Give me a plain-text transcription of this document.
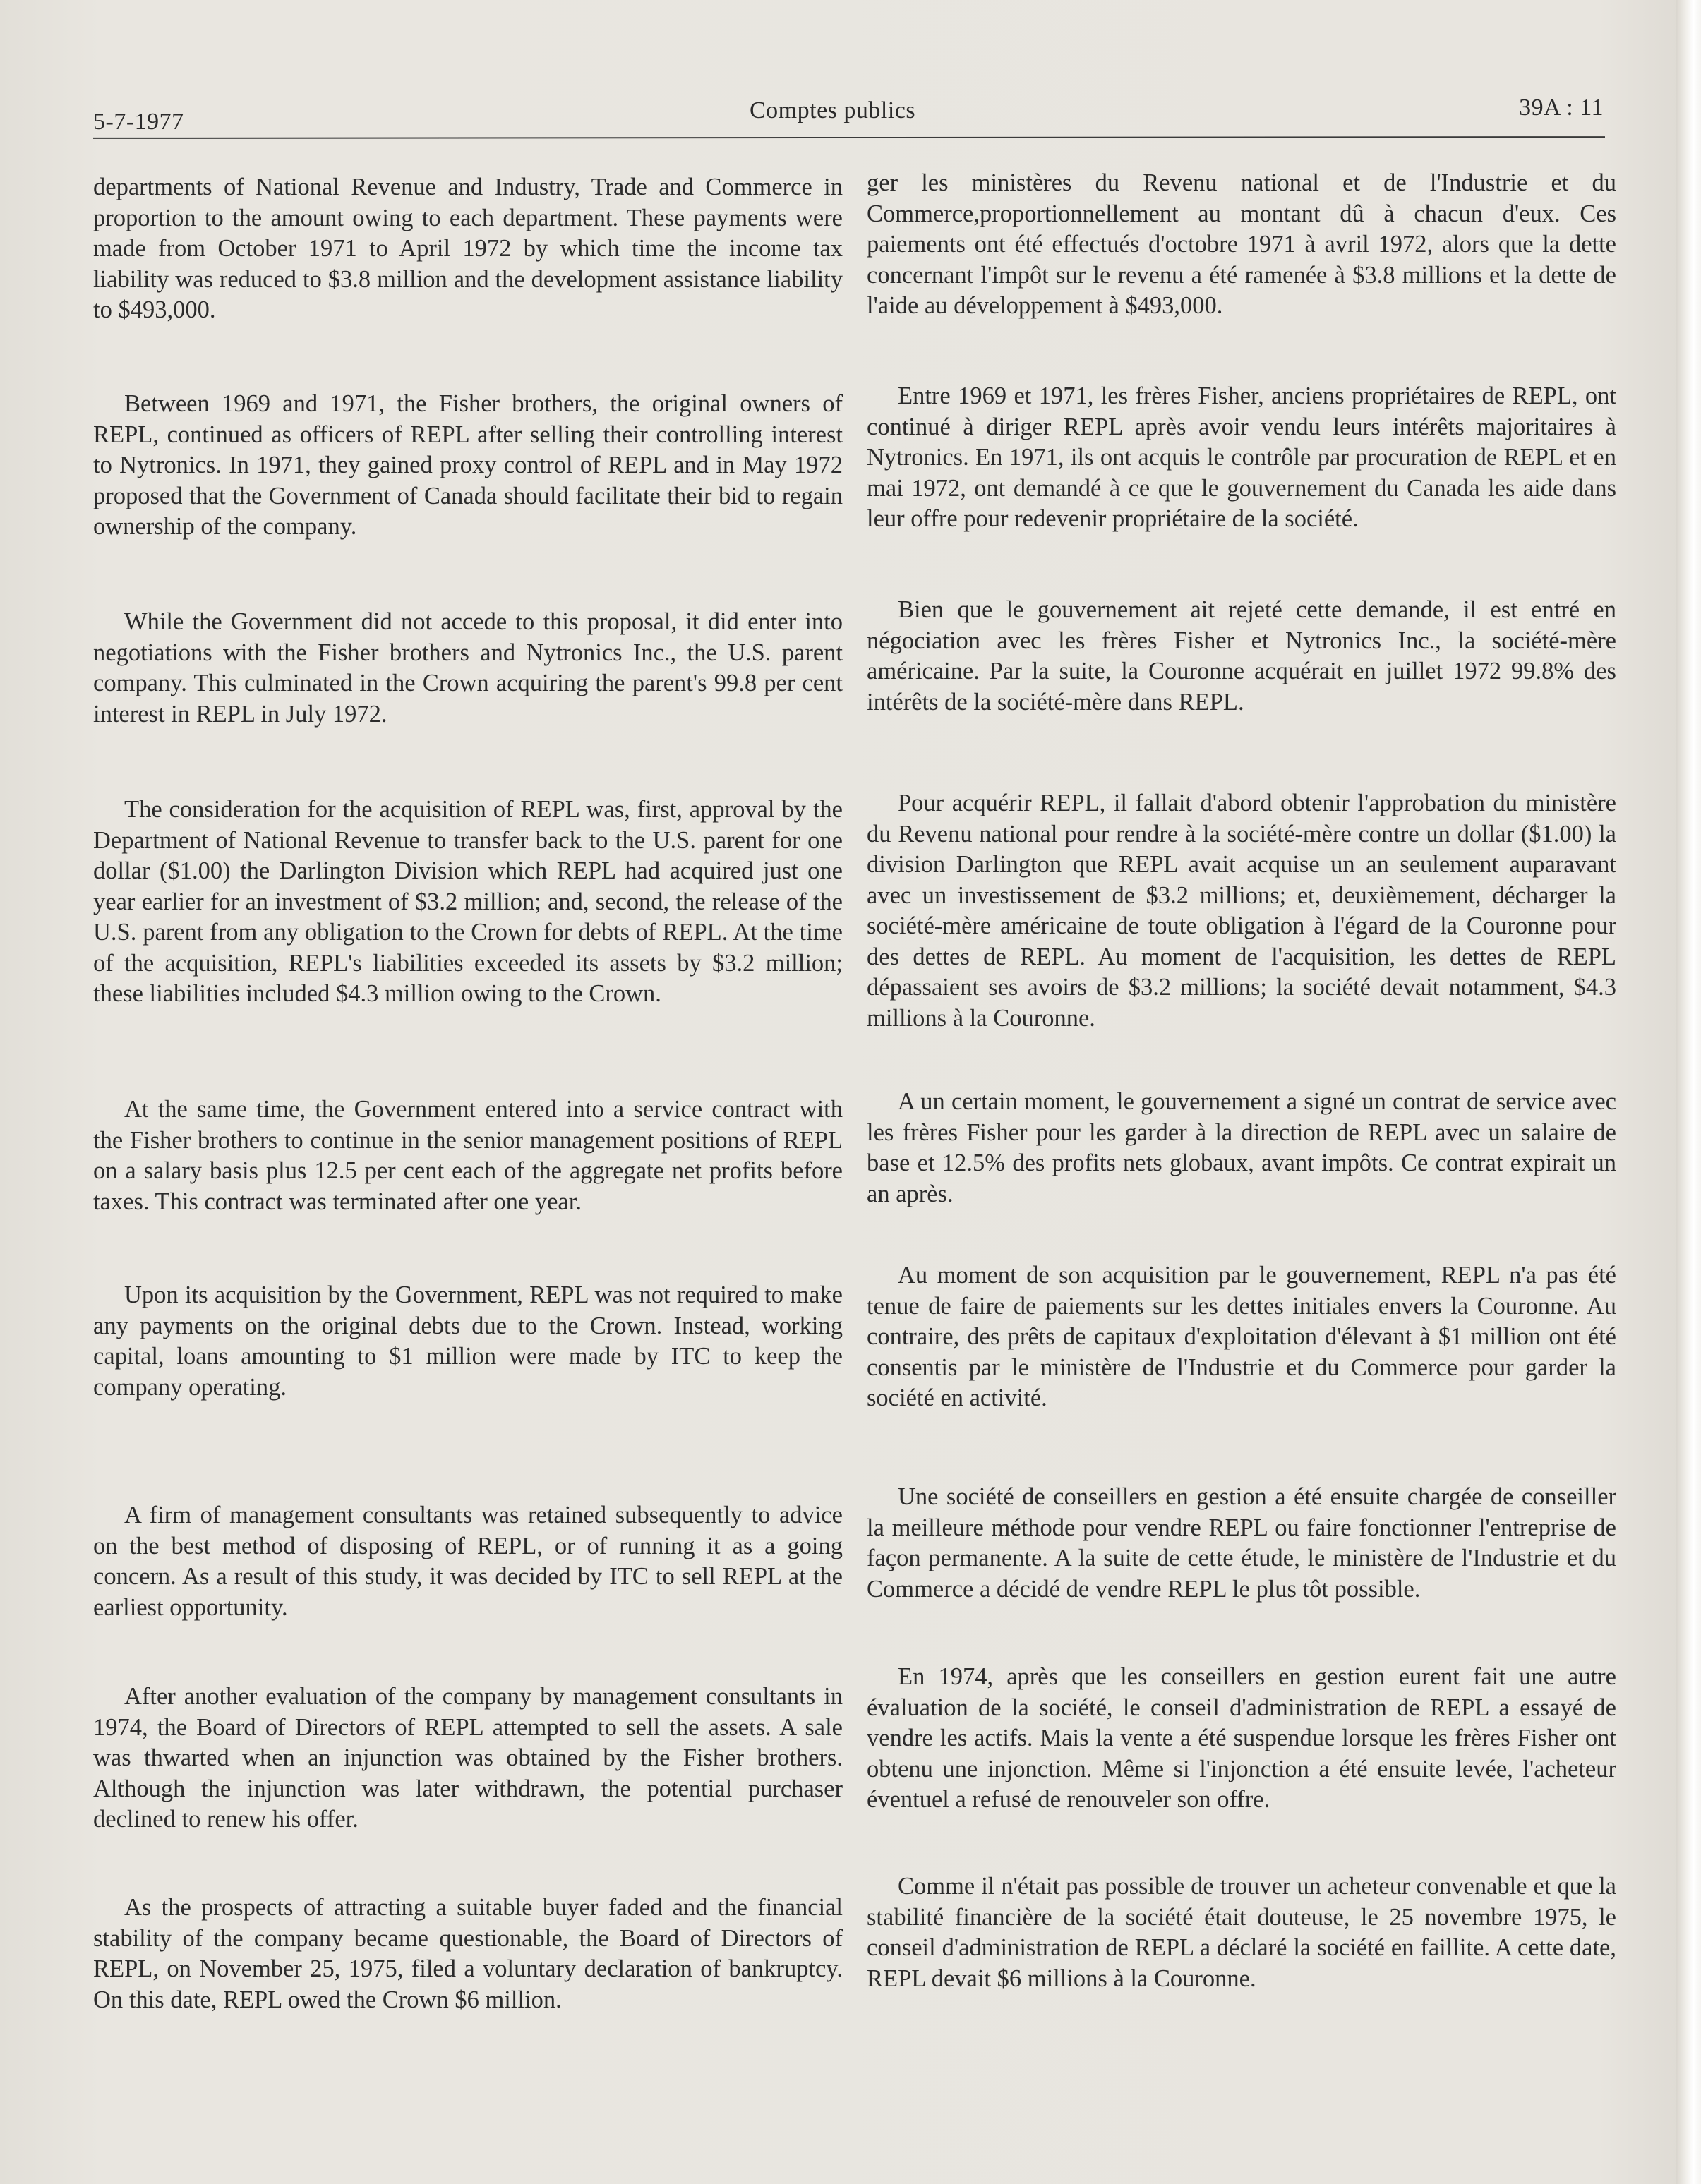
5-7-1977	Comptes publics	39A : 11

departments of National Revenue and Industry, Trade and Commerce in proportion to the amount owing to each department. These payments were made from October 1971 to April 1972 by which time the income tax liability was reduced to $3.8 million and the development assistance liability to $493,000.

Between 1969 and 1971, the Fisher brothers, the original owners of REPL, continued as officers of REPL after selling their controlling interest to Nytronics. In 1971, they gained proxy control of REPL and in May 1972 proposed that the Government of Canada should facilitate their bid to regain ownership of the company.

While the Government did not accede to this proposal, it did enter into negotiations with the Fisher brothers and Nytronics Inc., the U.S. parent company. This culminated in the Crown acquiring the parent's 99.8 per cent interest in REPL in July 1972.

The consideration for the acquisition of REPL was, first, approval by the Department of National Revenue to transfer back to the U.S. parent for one dollar ($1.00) the Darlington Division which REPL had acquired just one year earlier for an investment of $3.2 million; and, second, the release of the U.S. parent from any obligation to the Crown for debts of REPL. At the time of the acquisition, REPL's liabilities exceeded its assets by $3.2 million; these liabilities included $4.3 million owing to the Crown.

At the same time, the Government entered into a service contract with the Fisher brothers to continue in the senior management positions of REPL on a salary basis plus 12.5 per cent each of the aggregate net profits before taxes. This contract was terminated after one year.

Upon its acquisition by the Government, REPL was not required to make any payments on the original debts due to the Crown. Instead, working capital, loans amounting to $1 million were made by ITC to keep the company operating.

A firm of management consultants was retained subsequently to advice on the best method of disposing of REPL, or of running it as a going concern. As a result of this study, it was decided by ITC to sell REPL at the earliest opportunity.

After another evaluation of the company by management consultants in 1974, the Board of Directors of REPL attempted to sell the assets. A sale was thwarted when an injunction was obtained by the Fisher brothers. Although the injunction was later withdrawn, the potential purchaser declined to renew his offer.

As the prospects of attracting a suitable buyer faded and the financial stability of the company became questionable, the Board of Directors of REPL, on November 25, 1975, filed a voluntary declaration of bankruptcy. On this date, REPL owed the Crown $6 million.

ger les ministères du Revenu national et de l'Industrie et du Commerce,proportionnellement au montant dû à chacun d'eux. Ces paiements ont été effectués d'octobre 1971 à avril 1972, alors que la dette concernant l'impôt sur le revenu a été ramenée à $3.8 millions et la dette de l'aide au développement à $493,000.

Entre 1969 et 1971, les frères Fisher, anciens propriétaires de REPL, ont continué à diriger REPL après avoir vendu leurs intérêts majoritaires à Nytronics. En 1971, ils ont acquis le contrôle par procuration de REPL et en mai 1972, ont demandé à ce que le gouvernement du Canada les aide dans leur offre pour redevenir propriétaire de la société.

Bien que le gouvernement ait rejeté cette demande, il est entré en négociation avec les frères Fisher et Nytronics Inc., la société-mère américaine. Par la suite, la Couronne acquérait en juillet 1972 99.8% des intérêts de la société-mère dans REPL.

Pour acquérir REPL, il fallait d'abord obtenir l'approbation du ministère du Revenu national pour rendre à la société-mère contre un dollar ($1.00) la division Darlington que REPL avait acquise un an seulement auparavant avec un investissement de $3.2 millions; et, deuxièmement, décharger la société-mère américaine de toute obligation à l'égard de la Couronne pour des dettes de REPL. Au moment de l'acquisition, les dettes de REPL dépassaient ses avoirs de $3.2 millions; la société devait notamment, $4.3 millions à la Couronne.

A un certain moment, le gouvernement a signé un contrat de service avec les frères Fisher pour les garder à la direction de REPL avec un salaire de base et 12.5% des profits nets globaux, avant impôts. Ce contrat expirait un an après.

Au moment de son acquisition par le gouvernement, REPL n'a pas été tenue de faire de paiements sur les dettes initiales envers la Couronne. Au contraire, des prêts de capitaux d'exploitation d'élevant à $1 million ont été consentis par le ministère de l'Industrie et du Commerce pour garder la société en activité.

Une société de conseillers en gestion a été ensuite chargée de conseiller la meilleure méthode pour vendre REPL ou faire fonctionner l'entreprise de façon permanente. A la suite de cette étude, le ministère de l'Industrie et du Commerce a décidé de vendre REPL le plus tôt possible.

En 1974, après que les conseillers en gestion eurent fait une autre évaluation de la société, le conseil d'administration de REPL a essayé de vendre les actifs. Mais la vente a été suspendue lorsque les frères Fisher ont obtenu une injonction. Même si l'injonction a été ensuite levée, l'acheteur éventuel a refusé de renouveler son offre.

Comme il n'était pas possible de trouver un acheteur convenable et que la stabilité financière de la société était douteuse, le 25 novembre 1975, le conseil d'administration de REPL a déclaré la société en faillite. A cette date, REPL devait $6 millions à la Couronne.
